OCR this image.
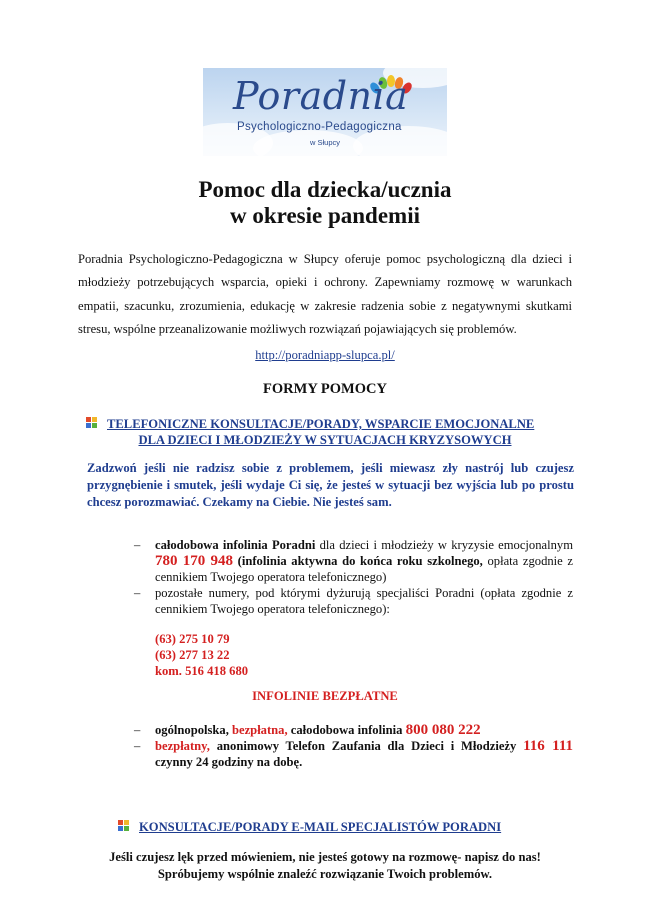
Poradnia
Psychologiczno-Pedagogiczna
w Słupcy
Pomoc dla dziecka/ucznia
w okresie pandemii

Poradnia Psychologiczno-Pedagogiczna w Słupcy oferuje pomoc psychologiczną dla dzieci i młodzieży potrzebujących wsparcia, opieki i ochrony. Zapewniamy rozmowę w warunkach empatii, szacunku, zrozumienia, edukację w zakresie radzenia sobie z negatywnymi skutkami stresu, wspólne przeanalizowanie możliwych rozwiązań pojawiających się problemów.

http://poradniapp-slupca.pl/
FORMY POMOCY
TELEFONICZNE KONSULTACJE/PORADY, WSPARCIE EMOCJONALNE
DLA DZIECI I MŁODZIEŻY W SYTUACJACH KRYZYSOWYCH
Zadzwoń jeśli nie radzisz sobie z problemem, jeśli miewasz zły nastrój lub czujesz przygnębienie i smutek, jeśli wydaje Ci się, że jesteś w sytuacji bez wyjścia lub po prostu chcesz porozmawiać. Czekamy na Ciebie. Nie jesteś sam.
– całodobowa infolinia Poradni dla dzieci i młodzieży w kryzysie emocjonalnym 780 170 948 (infolinia aktywna do końca roku szkolnego, opłata zgodnie z cennikiem Twojego operatora telefonicznego)
– pozostałe numery, pod którymi dyżurują specjaliści Poradni (opłata zgodnie z cennikiem Twojego operatora telefonicznego):
(63) 275 10 79
(63) 277 13 22
kom. 516 418 680
INFOLINIE BEZPŁATNE
– ogólnopolska, bezpłatna, całodobowa infolinia 800 080 222
– bezpłatny, anonimowy Telefon Zaufania dla Dzieci i Młodzieży 116 111 czynny 24 godziny na dobę.
KONSULTACJE/PORADY E-MAIL SPECJALISTÓW PORADNI
Jeśli czujesz lęk przed mówieniem, nie jesteś gotowy na rozmowę- napisz do nas!
Spróbujemy wspólnie znaleźć rozwiązanie Twoich problemów.
